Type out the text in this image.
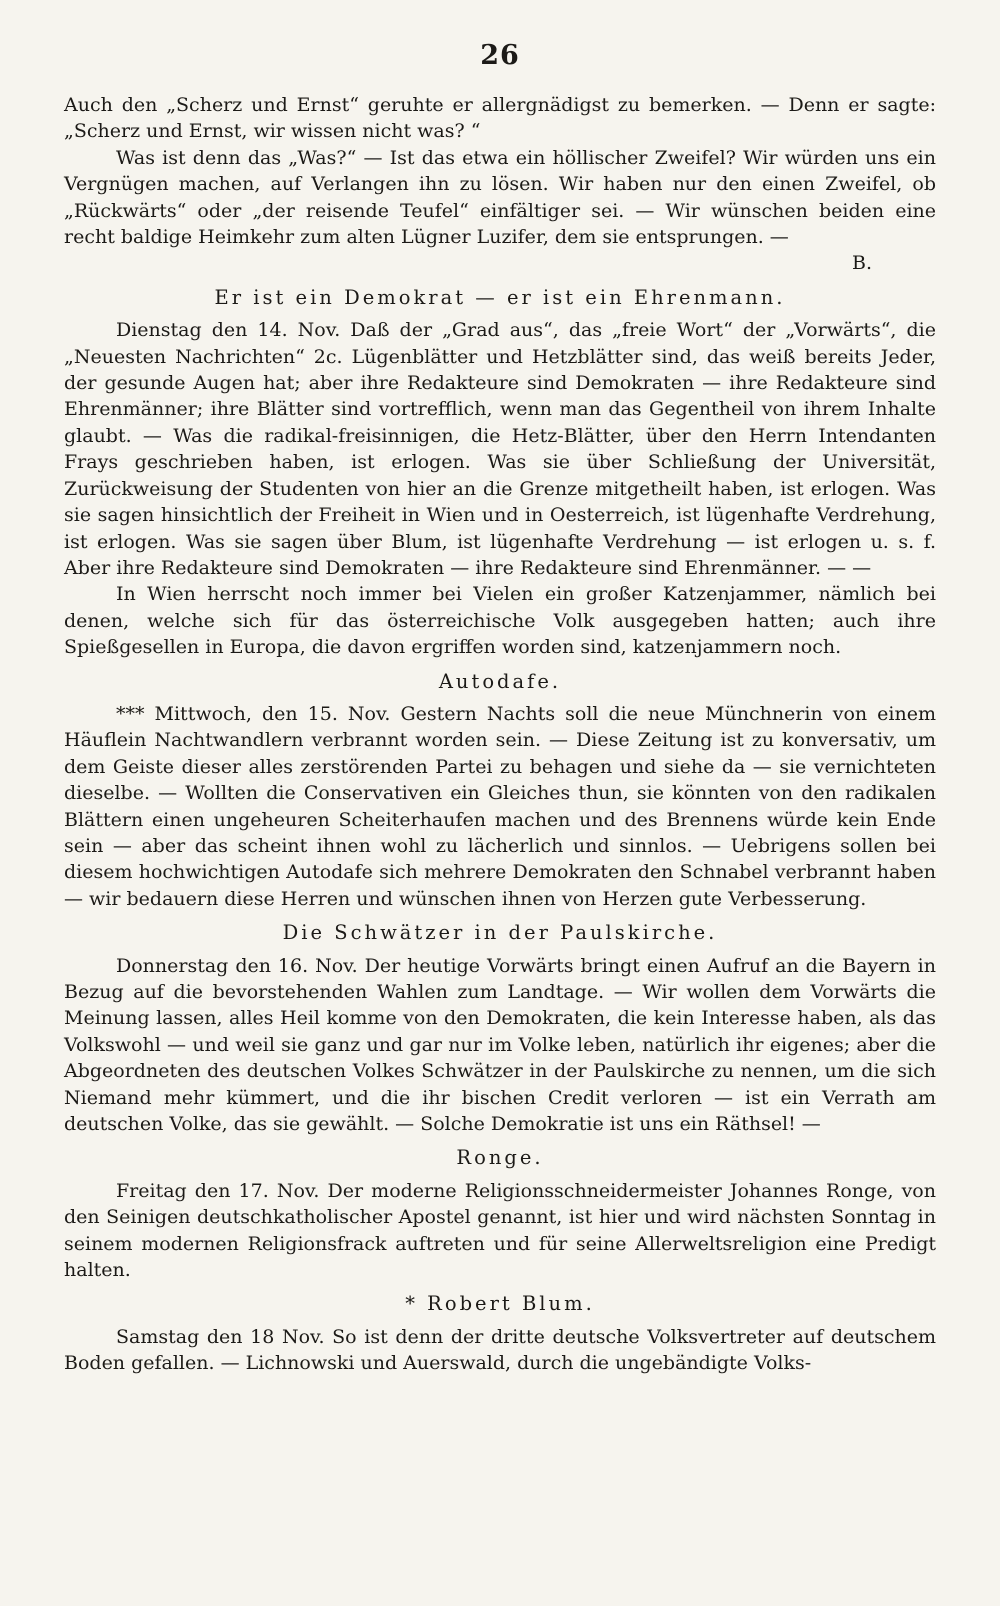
26

Auch den „Scherz und Ernst“ geruhte er allergnädigst zu bemerken. — Denn er sagte: „Scherz und Ernst, wir wissen nicht was? “

Was ist denn das „Was?“ — Ist das etwa ein höllischer Zweifel? Wir würden uns ein Vergnügen machen, auf Verlangen ihn zu lösen. Wir haben nur den einen Zweifel, ob „Rückwärts“ oder „der reisende Teufel“ einfältiger sei. — Wir wünschen beiden eine recht baldige Heimkehr zum alten Lügner Luzifer, dem sie entsprungen. —

B.

Er ist ein Demokrat — er ist ein Ehrenmann.

Dienstag den 14. Nov. Daß der „Grad aus“, das „freie Wort“ der „Vorwärts“, die „Neuesten Nachrichten“ 2c. Lügenblätter und Hetzblätter sind, das weiß bereits Jeder, der gesunde Augen hat; aber ihre Redakteure sind Demokraten — ihre Redakteure sind Ehrenmänner; ihre Blätter sind vortrefflich, wenn man das Gegentheil von ihrem Inhalte glaubt. — Was die radikal-freisinnigen, die Hetz-Blätter, über den Herrn Intendanten Frays geschrieben haben, ist erlogen. Was sie über Schließung der Universität, Zurückweisung der Studenten von hier an die Grenze mitgetheilt haben, ist erlogen. Was sie sagen hinsichtlich der Freiheit in Wien und in Oesterreich, ist lügenhafte Verdrehung, ist erlogen. Was sie sagen über Blum, ist lügenhafte Verdrehung — ist erlogen u. s. f. Aber ihre Redakteure sind Demokraten — ihre Redakteure sind Ehrenmänner. — —

In Wien herrscht noch immer bei Vielen ein großer Katzenjammer, nämlich bei denen, welche sich für das österreichische Volk ausgegeben hatten; auch ihre Spießgesellen in Europa, die davon ergriffen worden sind, katzenjammern noch.

Autodafe.

*** Mittwoch, den 15. Nov. Gestern Nachts soll die neue Münchnerin von einem Häuflein Nachtwandlern verbrannt worden sein. — Diese Zeitung ist zu konversativ, um dem Geiste dieser alles zerstörenden Partei zu behagen und siehe da — sie vernichteten dieselbe. — Wollten die Conservativen ein Gleiches thun, sie könnten von den radikalen Blättern einen ungeheuren Scheiterhaufen machen und des Brennens würde kein Ende sein — aber das scheint ihnen wohl zu lächerlich und sinnlos. — Uebrigens sollen bei diesem hochwichtigen Autodafe sich mehrere Demokraten den Schnabel verbrannt haben — wir bedauern diese Herren und wünschen ihnen von Herzen gute Verbesserung.

Die Schwätzer in der Paulskirche.

Donnerstag den 16. Nov. Der heutige Vorwärts bringt einen Aufruf an die Bayern in Bezug auf die bevorstehenden Wahlen zum Landtage. — Wir wollen dem Vorwärts die Meinung lassen, alles Heil komme von den Demokraten, die kein Interesse haben, als das Volkswohl — und weil sie ganz und gar nur im Volke leben, natürlich ihr eigenes; aber die Abgeordneten des deutschen Volkes Schwätzer in der Paulskirche zu nennen, um die sich Niemand mehr kümmert, und die ihr bischen Credit verloren — ist ein Verrath am deutschen Volke, das sie gewählt. — Solche Demokratie ist uns ein Räthsel! —

Ronge.

Freitag den 17. Nov. Der moderne Religionsschneidermeister Johannes Ronge, von den Seinigen deutschkatholischer Apostel genannt, ist hier und wird nächsten Sonntag in seinem modernen Religionsfrack auftreten und für seine Allerweltsreligion eine Predigt halten.

* Robert Blum.

Samstag den 18 Nov. So ist denn der dritte deutsche Volksvertreter auf deutschem Boden gefallen. — Lichnowski und Auerswald, durch die ungebändigte Volks-
